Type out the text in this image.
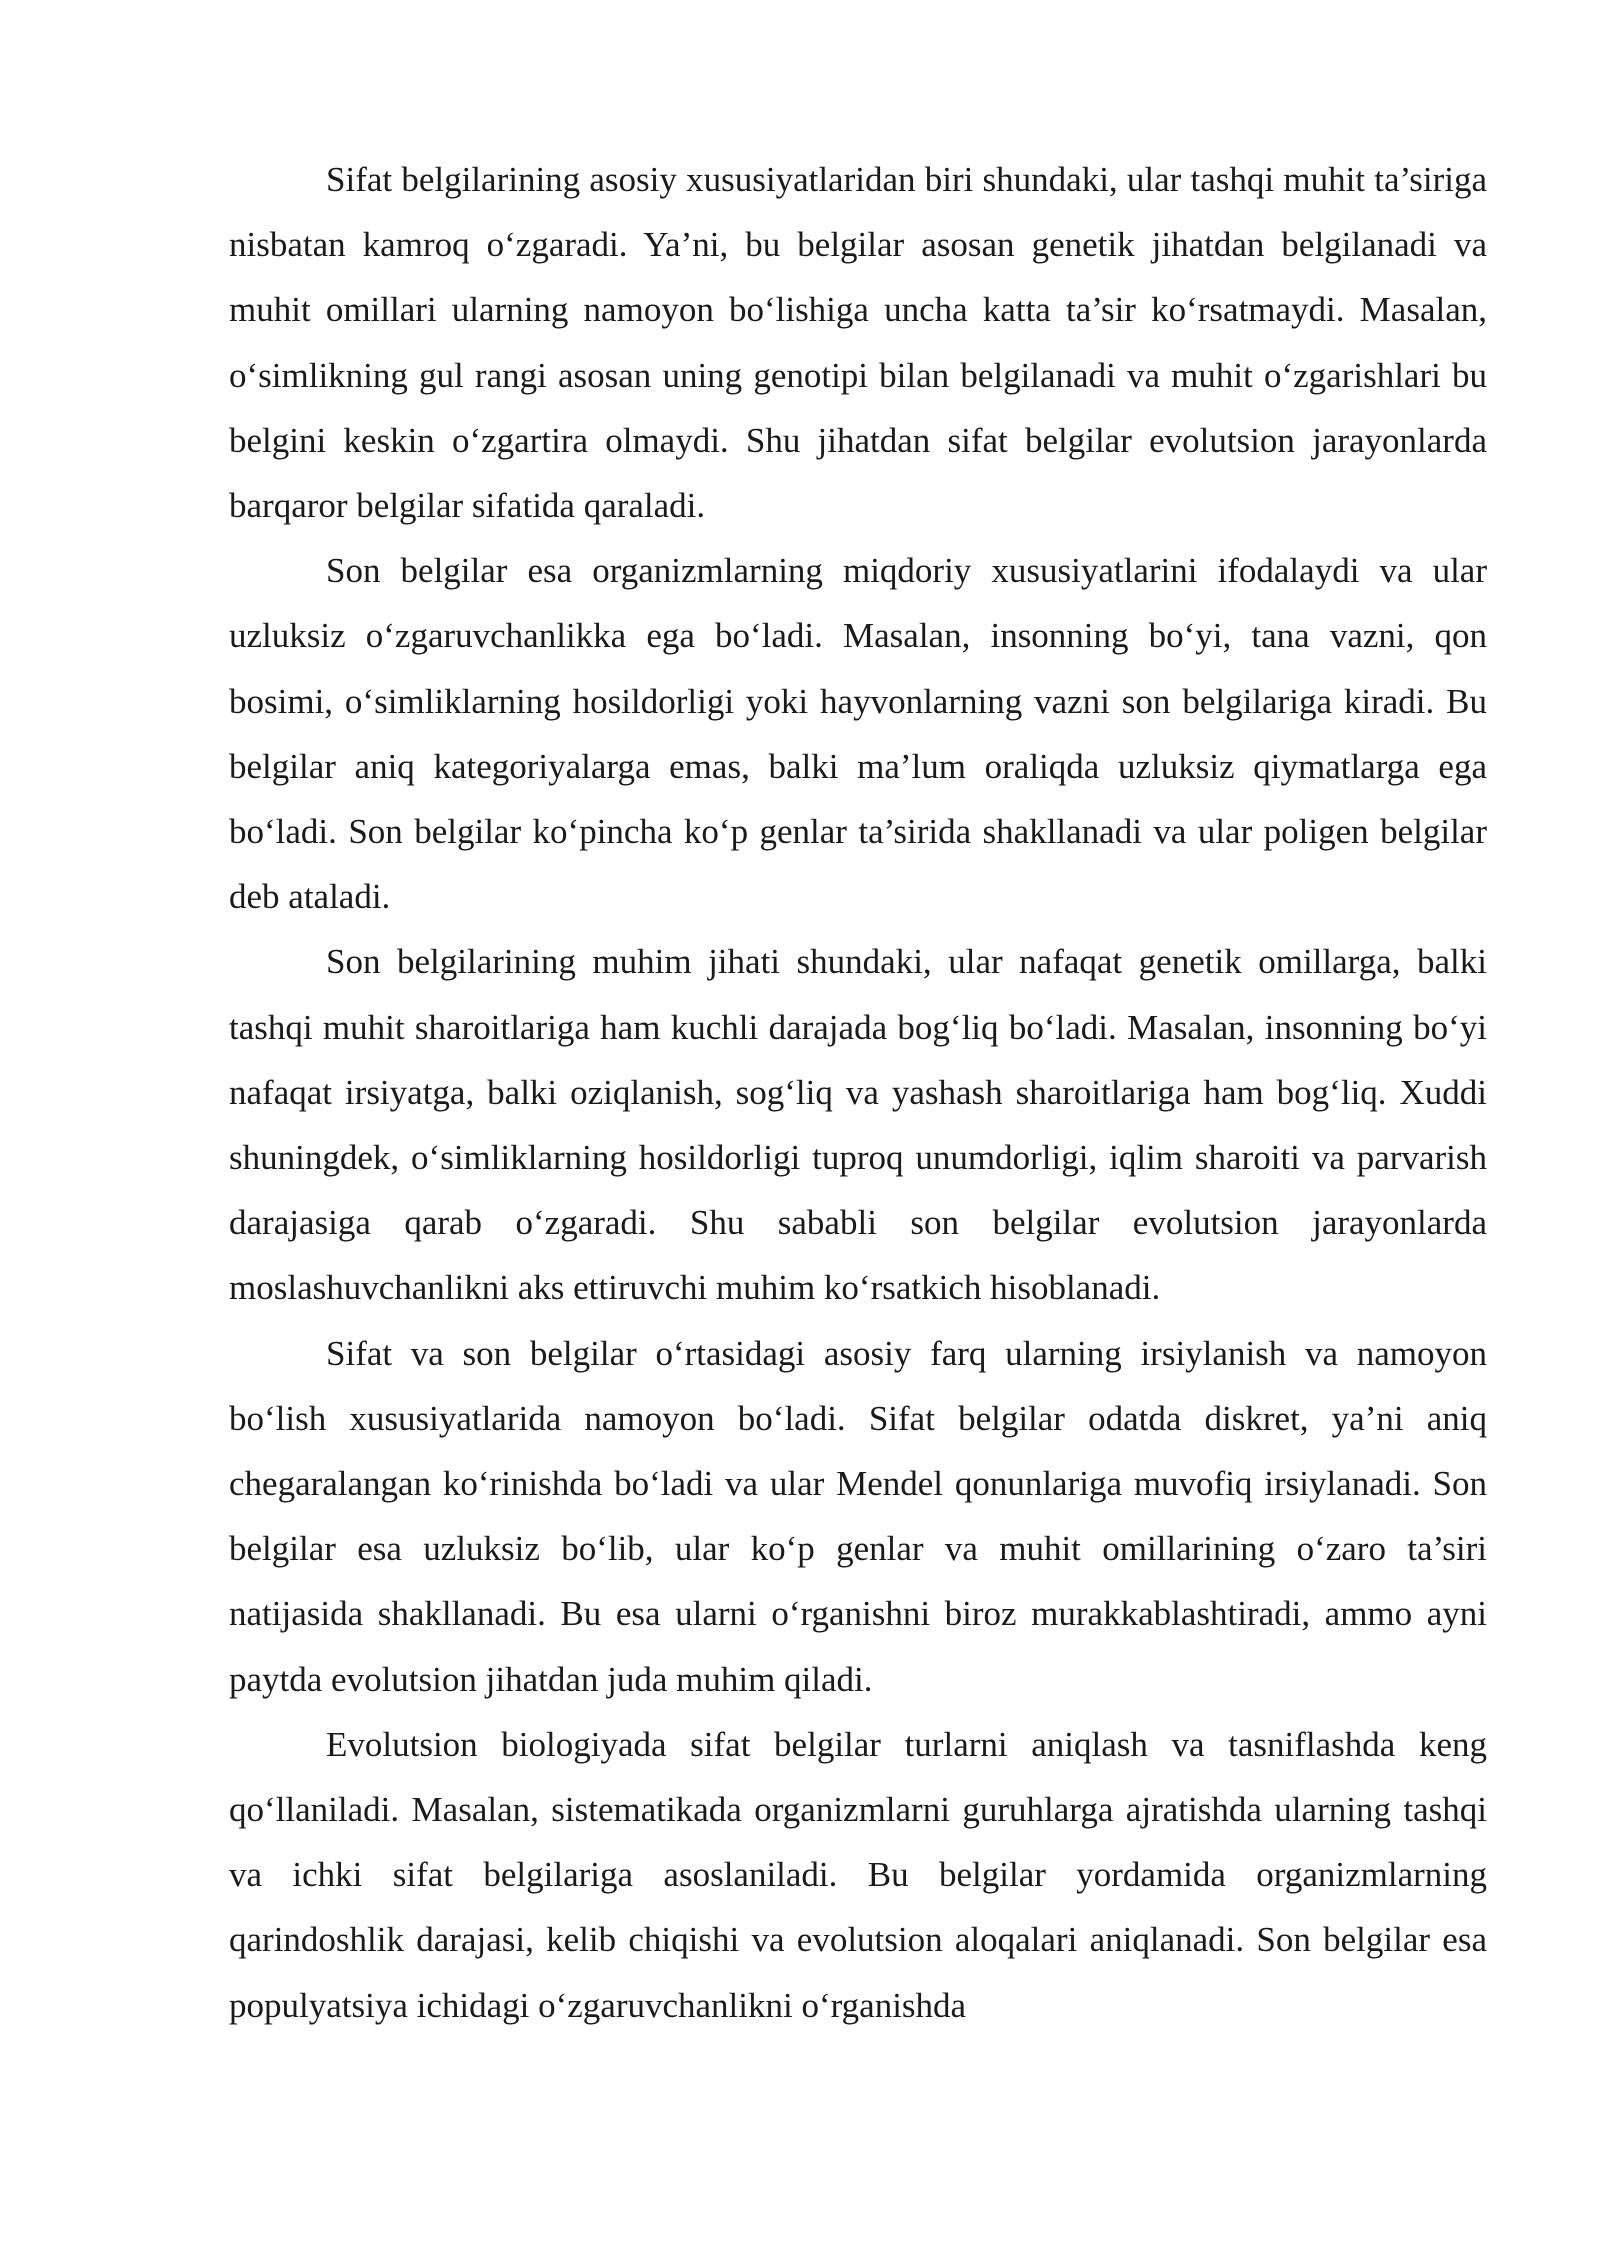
Sifat belgilarining asosiy xususiyatlaridan biri shundaki, ular tashqi muhit ta’siriga nisbatan kamroq o‘zgaradi. Ya’ni, bu belgilar asosan genetik jihatdan belgilanadi va muhit omillari ularning namoyon bo‘lishiga uncha katta ta’sir ko‘rsatmaydi. Masalan, o‘simlikning gul rangi asosan uning genotipi bilan belgilanadi va muhit o‘zgarishlari bu belgini keskin o‘zgartira olmaydi. Shu jihatdan sifat belgilar evolutsion jarayonlarda barqaror belgilar sifatida qaraladi.

Son belgilar esa organizmlarning miqdoriy xususiyatlarini ifodalaydi va ular uzluksiz o‘zgaruvchanlikka ega bo‘ladi. Masalan, insonning bo‘yi, tana vazni, qon bosimi, o‘simliklarning hosildorligi yoki hayvonlarning vazni son belgilariga kiradi. Bu belgilar aniq kategoriyalarga emas, balki ma’lum oraliqda uzluksiz qiymatlarga ega bo‘ladi. Son belgilar ko‘pincha ko‘p genlar ta’sirida shakllanadi va ular poligen belgilar deb ataladi.

Son belgilarining muhim jihati shundaki, ular nafaqat genetik omillarga, balki tashqi muhit sharoitlariga ham kuchli darajada bog‘liq bo‘ladi. Masalan, insonning bo‘yi nafaqat irsiyatga, balki oziqlanish, sog‘liq va yashash sharoitlariga ham bog‘liq. Xuddi shuningdek, o‘simliklarning hosildorligi tuproq unumdorligi, iqlim sharoiti va parvarish darajasiga qarab o‘zgaradi. Shu sababli son belgilar evolutsion jarayonlarda moslashuvchanlikni aks ettiruvchi muhim ko‘rsatkich hisoblanadi.

Sifat va son belgilar o‘rtasidagi asosiy farq ularning irsiylanish va namoyon bo‘lish xususiyatlarida namoyon bo‘ladi. Sifat belgilar odatda diskret, ya’ni aniq chegaralangan ko‘rinishda bo‘ladi va ular Mendel qonunlariga muvofiq irsiylanadi. Son belgilar esa uzluksiz bo‘lib, ular ko‘p genlar va muhit omillarining o‘zaro ta’siri natijasida shakllanadi. Bu esa ularni o‘rganishni biroz murakkablashtiradi, ammo ayni paytda evolutsion jihatdan juda muhim qiladi.

Evolutsion biologiyada sifat belgilar turlarni aniqlash va tasniflashda keng qo‘llaniladi. Masalan, sistematikada organizmlarni guruhlarga ajratishda ularning tashqi va ichki sifat belgilariga asoslaniladi. Bu belgilar yordamida organizmlarning qarindoshlik darajasi, kelib chiqishi va evolutsion aloqalari aniqlanadi. Son belgilar esa populyatsiya ichidagi o‘zgaruvchanlikni o‘rganishda
